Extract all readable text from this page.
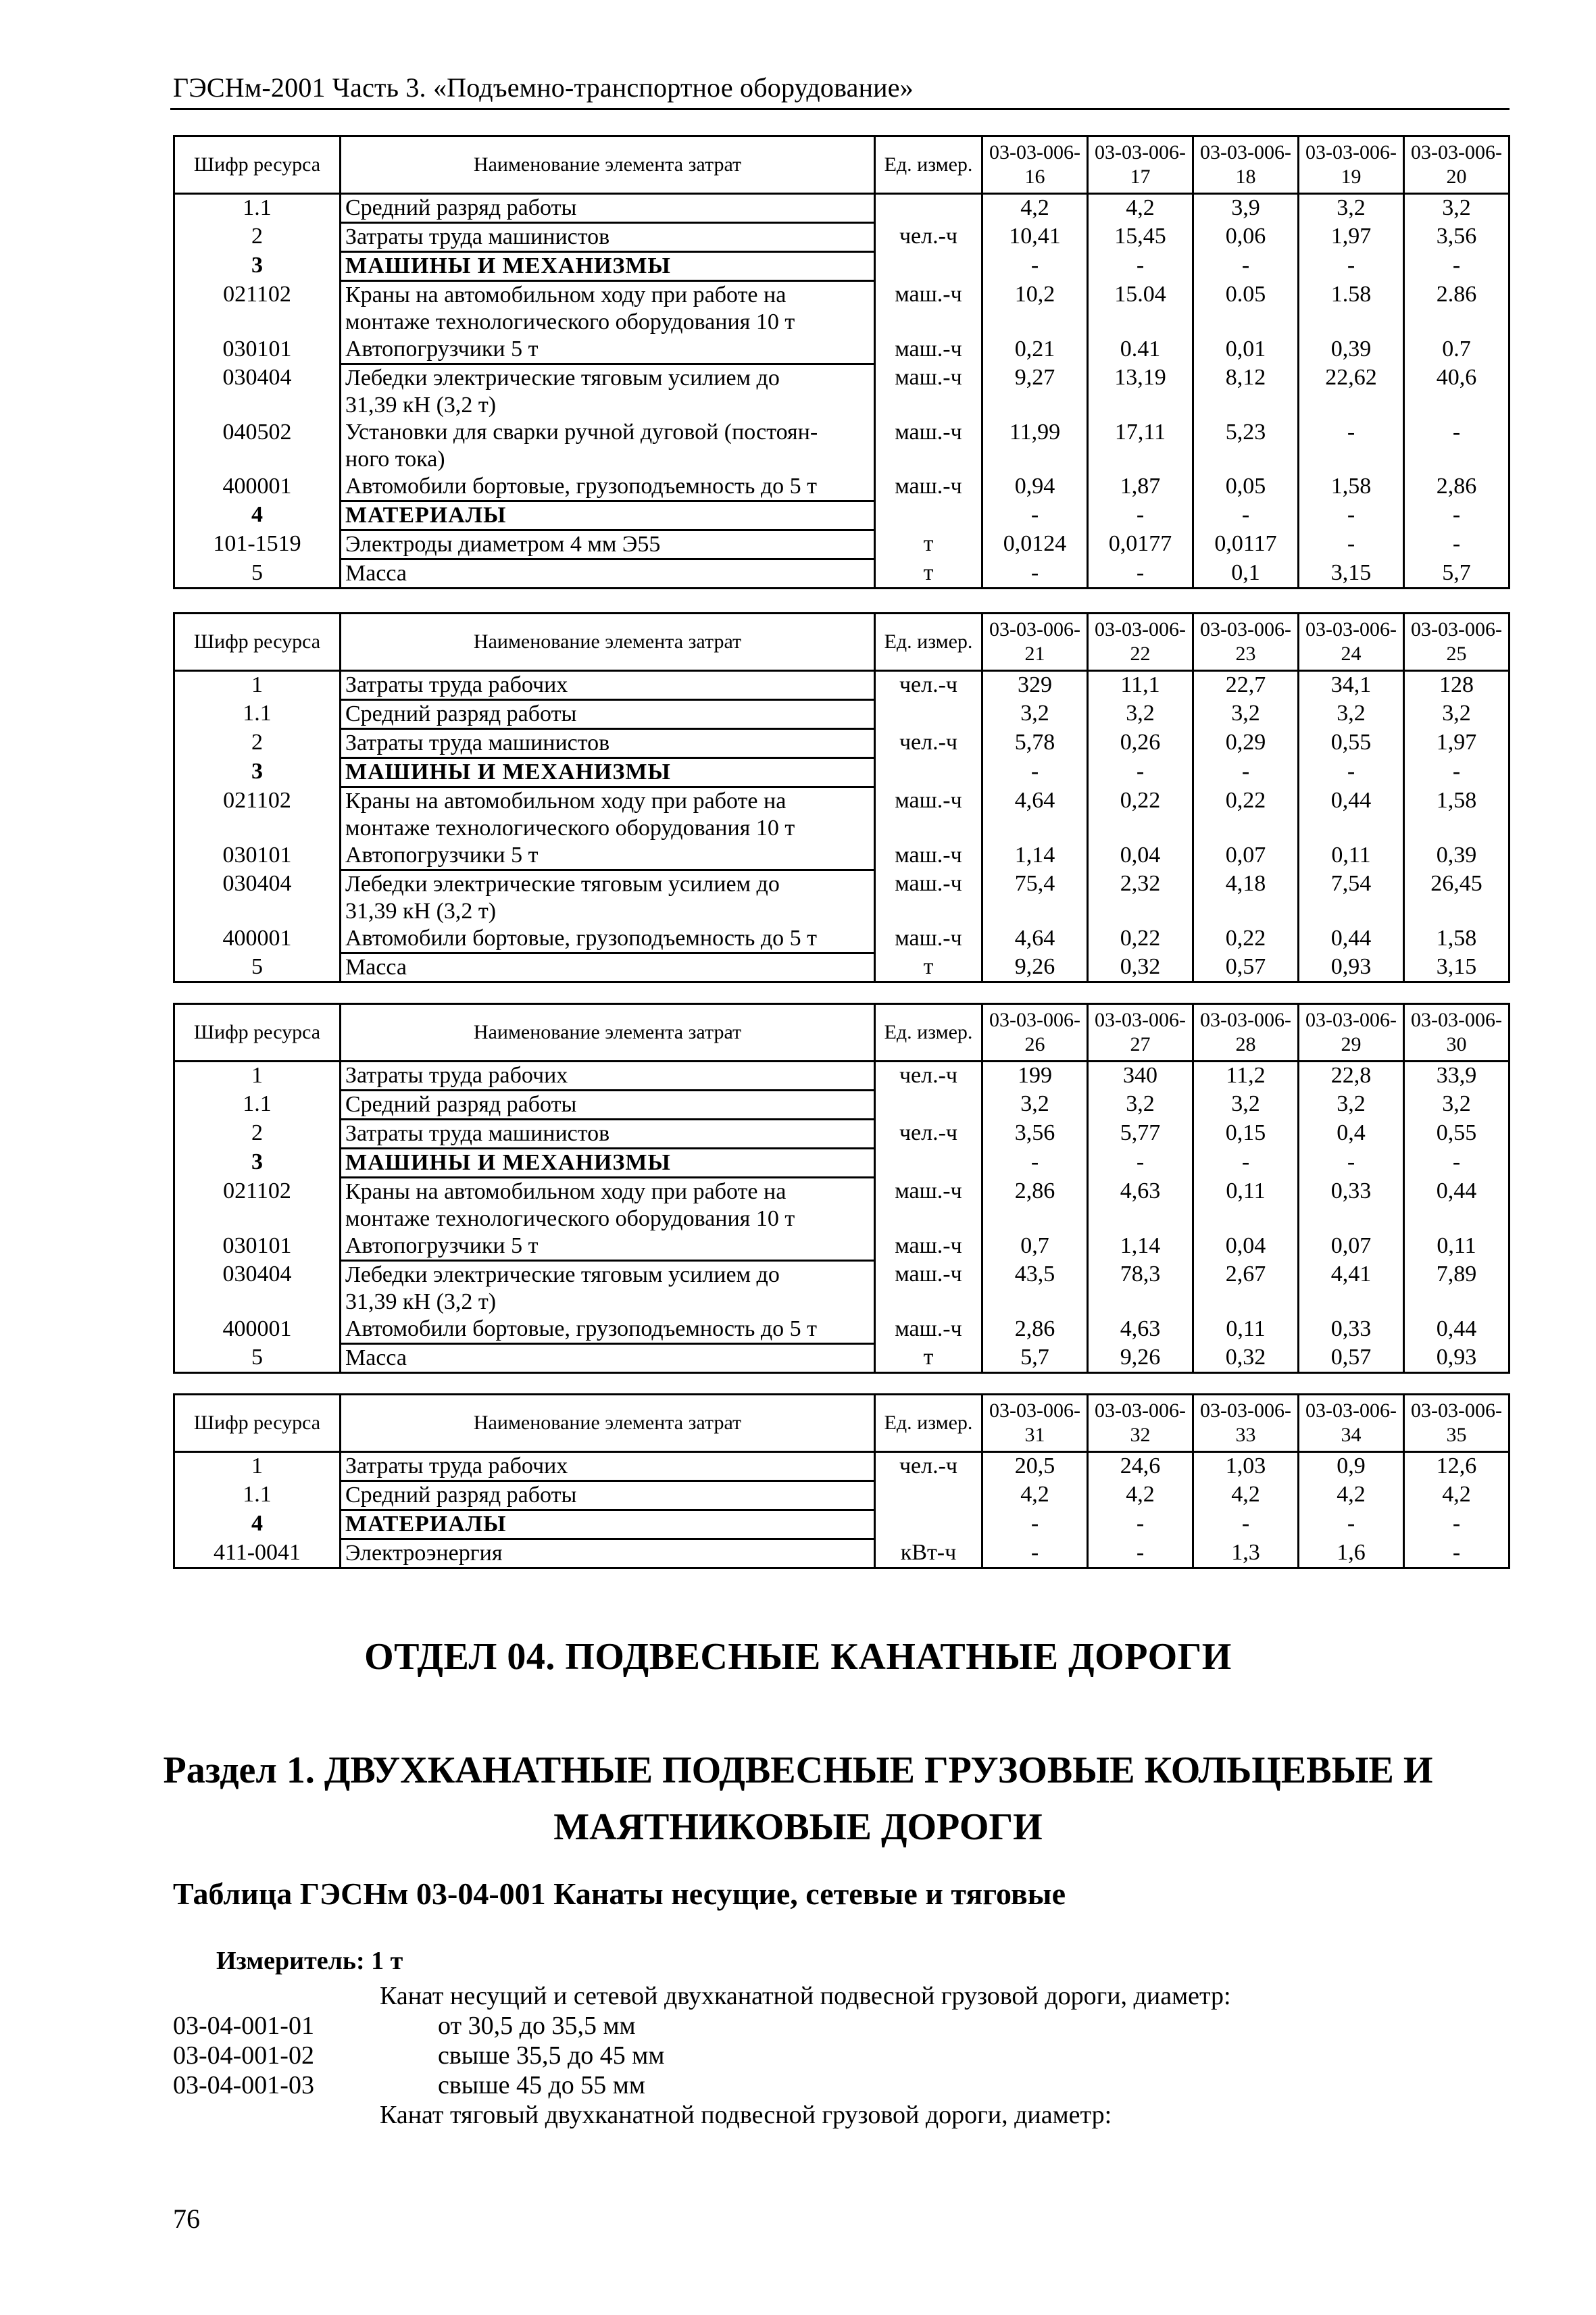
ГЭСНм-2001 Часть 3. «Подъемно-транспортное оборудование»
Шифр ресурса	Наименование элемента затрат	Ед. измер.	03-03-006-16	03-03-006-17	03-03-006-18	03-03-006-19	03-03-006-20
1.1	Средний разряд работы		4,2	4,2	3,9	3,2	3,2
2	Затраты труда машинистов	чел.-ч	10,41	15,45	0,06	1,97	3,56
3	МАШИНЫ И МЕХАНИЗМЫ		-	-	-	-	-
021102	Краны на автомобильном ходу при работе на
монтаже технологического оборудования 10 т	маш.-ч	10,2	15.04	0.05	1.58	2.86
030101	Автопогрузчики 5 т	маш.-ч	0,21	0.41	0,01	0,39	0.7
030404	Лебедки электрические тяговым усилием до
31,39 кН (3,2 т)	маш.-ч	9,27	13,19	8,12	22,62	40,6
040502	Установки для сварки ручной дуговой (постоян-
ного тока)	маш.-ч	11,99	17,11	5,23	-	-
400001	Автомобили бортовые, грузоподъемность до 5 т	маш.-ч	0,94	1,87	0,05	1,58	2,86
4	МАТЕРИАЛЫ		-	-	-	-	-
101-1519	Электроды диаметром 4 мм Э55	т	0,0124	0,0177	0,0117	-	-
5	Масса	т	-	-	0,1	3,15	5,7
Шифр ресурса	Наименование элемента затрат	Ед. измер.	03-03-006-21	03-03-006-22	03-03-006-23	03-03-006-24	03-03-006-25
1	Затраты труда рабочих	чел.-ч	329	11,1	22,7	34,1	128
1.1	Средний разряд работы		3,2	3,2	3,2	3,2	3,2
2	Затраты труда машинистов	чел.-ч	5,78	0,26	0,29	0,55	1,97
3	МАШИНЫ И МЕХАНИЗМЫ		-	-	-	-	-
021102	Краны на автомобильном ходу при работе на
монтаже технологического оборудования 10 т	маш.-ч	4,64	0,22	0,22	0,44	1,58
030101	Автопогрузчики 5 т	маш.-ч	1,14	0,04	0,07	0,11	0,39
030404	Лебедки электрические тяговым усилием до
31,39 кН (3,2 т)	маш.-ч	75,4	2,32	4,18	7,54	26,45
400001	Автомобили бортовые, грузоподъемность до 5 т	маш.-ч	4,64	0,22	0,22	0,44	1,58
5	Масса	т	9,26	0,32	0,57	0,93	3,15
Шифр ресурса	Наименование элемента затрат	Ед. измер.	03-03-006-26	03-03-006-27	03-03-006-28	03-03-006-29	03-03-006-30
1	Затраты труда рабочих	чел.-ч	199	340	11,2	22,8	33,9
1.1	Средний разряд работы		3,2	3,2	3,2	3,2	3,2
2	Затраты труда машинистов	чел.-ч	3,56	5,77	0,15	0,4	0,55
3	МАШИНЫ И МЕХАНИЗМЫ		-	-	-	-	-
021102	Краны на автомобильном ходу при работе на
монтаже технологического оборудования 10 т	маш.-ч	2,86	4,63	0,11	0,33	0,44
030101	Автопогрузчики 5 т	маш.-ч	0,7	1,14	0,04	0,07	0,11
030404	Лебедки электрические тяговым усилием до
31,39 кН (3,2 т)	маш.-ч	43,5	78,3	2,67	4,41	7,89
400001	Автомобили бортовые, грузоподъемность до 5 т	маш.-ч	2,86	4,63	0,11	0,33	0,44
5	Масса	т	5,7	9,26	0,32	0,57	0,93
Шифр ресурса	Наименование элемента затрат	Ед. измер.	03-03-006-31	03-03-006-32	03-03-006-33	03-03-006-34	03-03-006-35
1	Затраты труда рабочих	чел.-ч	20,5	24,6	1,03	0,9	12,6
1.1	Средний разряд работы		4,2	4,2	4,2	4,2	4,2
4	МАТЕРИАЛЫ		-	-	-	-	-
411-0041	Электроэнергия	кВт-ч	-	-	1,3	1,6	-
ОТДЕЛ 04. ПОДВЕСНЫЕ КАНАТНЫЕ ДОРОГИ
Раздел 1. ДВУХКАНАТНЫЕ ПОДВЕСНЫЕ ГРУЗОВЫЕ КОЛЬЦЕВЫЕ И
МАЯТНИКОВЫЕ ДОРОГИ
Таблица ГЭСНм 03-04-001 Канаты несущие, сетевые и тяговые
Измеритель: 1 т
Канат несущий и сетевой двухканатной подвесной грузовой дороги, диаметр:
03-04-001-01	от 30,5 до 35,5 мм
03-04-001-02	свыше 35,5 до 45 мм
03-04-001-03	свыше 45 до 55 мм
Канат тяговый двухканатной подвесной грузовой дороги, диаметр:
76
